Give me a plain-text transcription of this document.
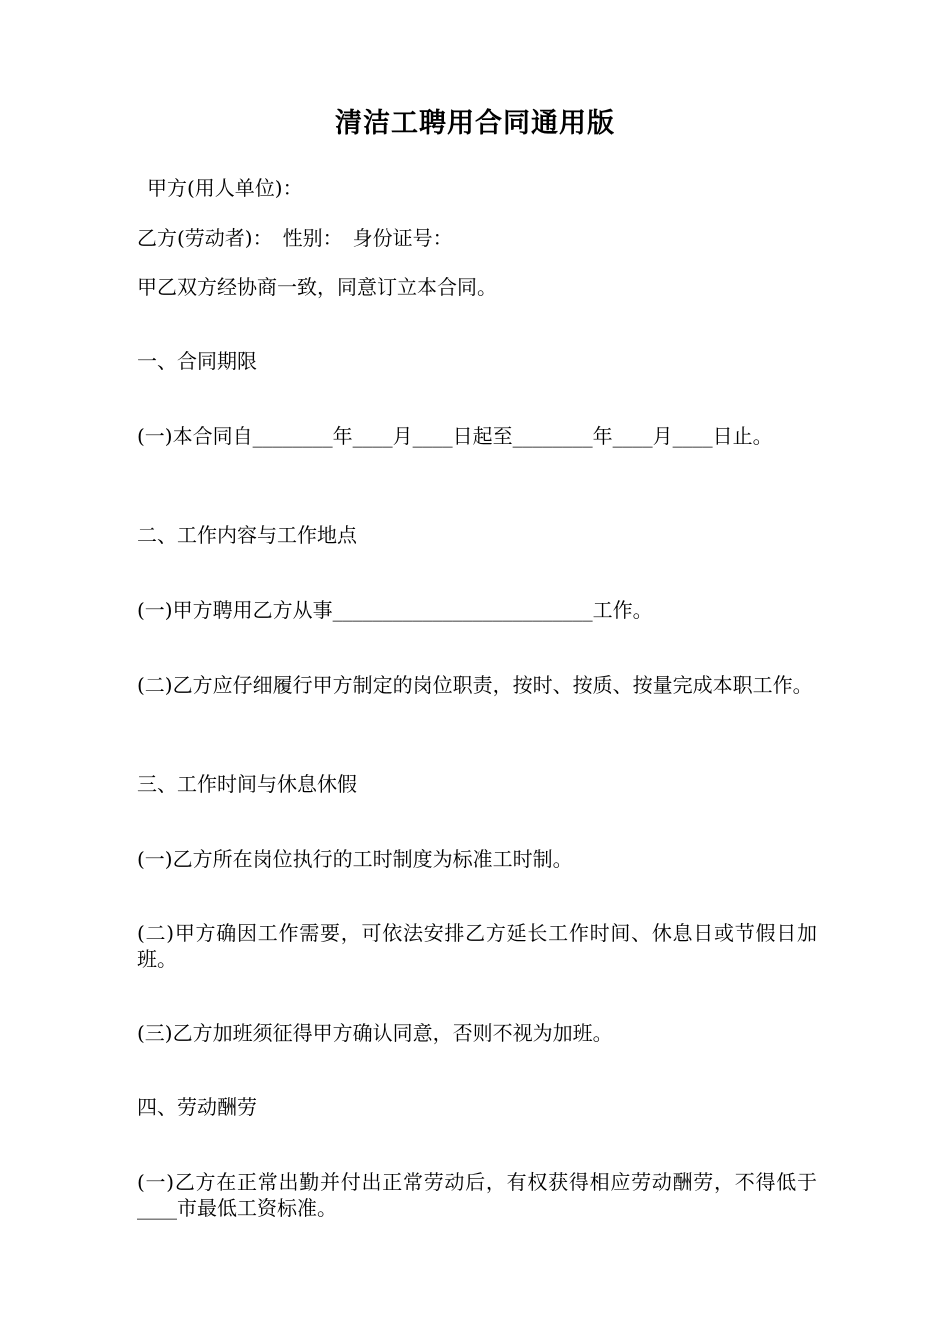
清洁工聘用合同通用版
甲方(用人单位)：
乙方(劳动者)：　性别：　身份证号：
甲乙双方经协商一致，同意订立本合同。
一、合同期限
(一)本合同自________年____月____日起至________年____月____日止。
二、工作内容与工作地点
(一)甲方聘用乙方从事__________________________工作。
(二)乙方应仔细履行甲方制定的岗位职责，按时、按质、按量完成本职工作。
三、工作时间与休息休假
(一)乙方所在岗位执行的工时制度为标准工时制。
(二)甲方确因工作需要，可依法安排乙方延长工作时间、休息日或节假日加班。
(三)乙方加班须征得甲方确认同意，否则不视为加班。
四、劳动酬劳
(一)乙方在正常出勤并付出正常劳动后，有权获得相应劳动酬劳，不得低于____市最低工资标准。
